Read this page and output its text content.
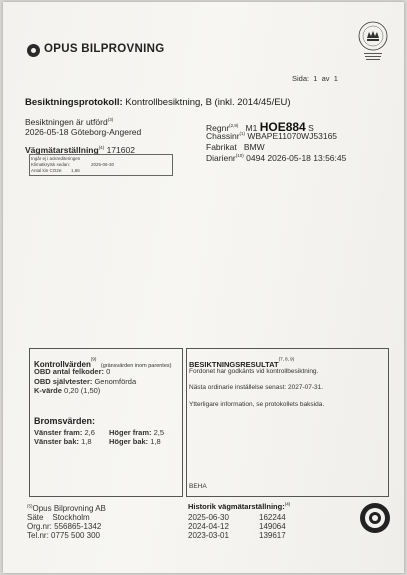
OPUS BILPROVNING
Sida: 1 av 1
Besiktningsprotokoll: Kontrollbesiktning, B (inkl. 2014/45/EU)
Besiktningen är utförd$^{(3)}$
2026-05-18 Göteborg-Angered
Vägmätarställning$^{(4)}$ 171602
Ingår ej i ackrediteringen
Klimatkrytsk sedan:	2025-06-30
Antal kin CO2e: 1,66
Regnr$^{(2,8)}$ M1 HOE884 S
Chassinr$^{(1)}$ WBAPE11070WJ53165
Fabrikat BMW
Diarienr$^{(10)}$ 0494 2026-05-18 13:56:45
Kontrollvärden$^{(9)}$ (gränsvärden inom parentes)
OBD antal felkoder: 0
OBD självtester: Genomförda
K-värde 0,20 (1,50)
Bromsvärden:
Vänster fram: 2,6 Höger fram: 2,5
Vänster bak: 1,8 Höger bak: 1,8
BESIKTNINGSRESULTAT$^{(7, 8, 9)}$
Fordonet har godkänts vid kontrollbesiktning.
Nästa ordinarie inställelse senast: 2027-07-31.
Ytterligare information, se protokollets baksida.
BEHA
$^{(5)}$Opus Bilprovning AB
Säte Stockholm
Org.nr: 556865-1342
Tel.nr: 0775 500 300
Historik vägmätarställning:$^{(4)}$
2025-06-30	162244
2024-04-12	149064
2023-03-01	139617
